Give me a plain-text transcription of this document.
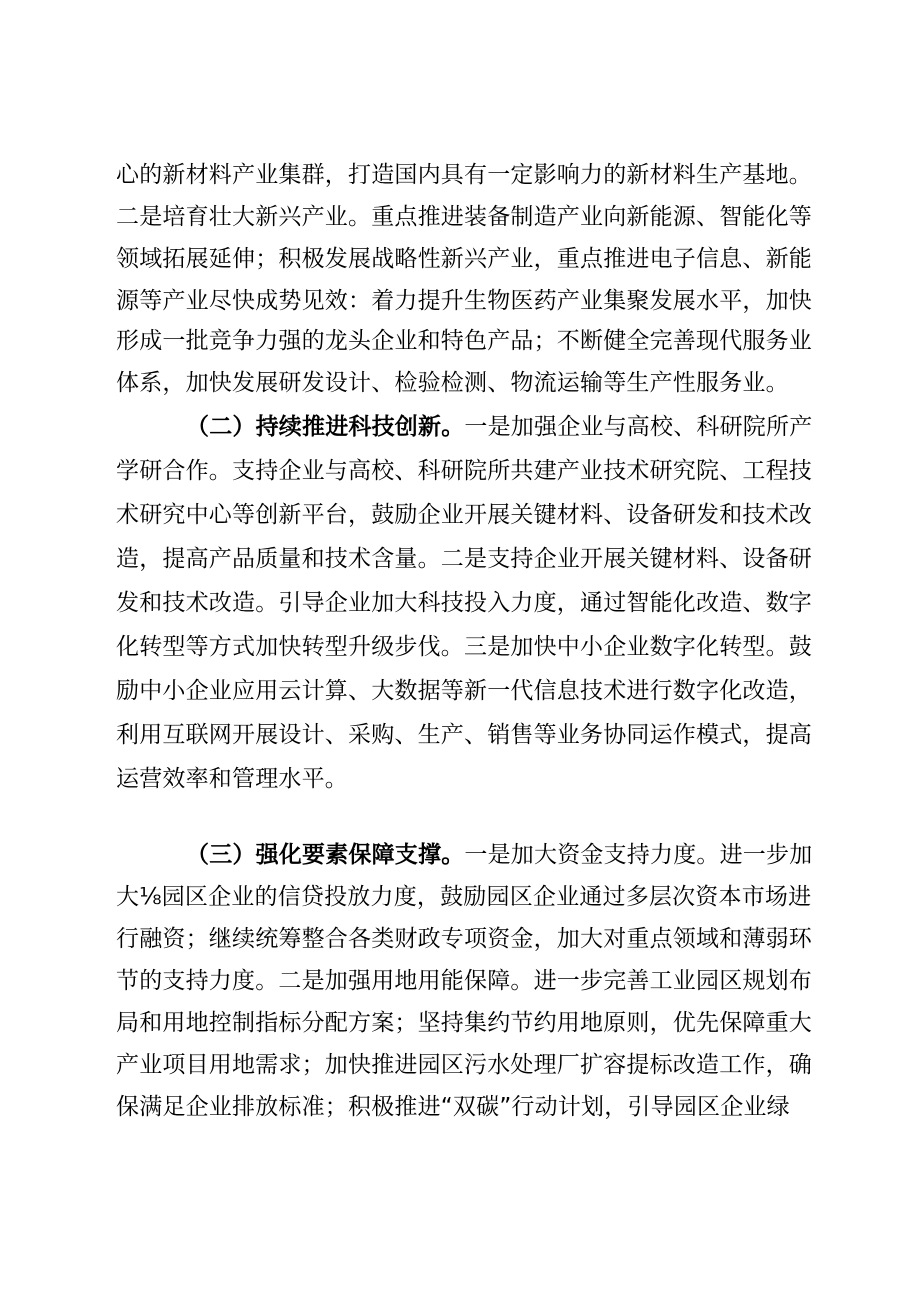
心的新材料产业集群，打造国内具有一定影响力的新材料生产基地。
二是培育壮大新兴产业。重点推进装备制造产业向新能源、智能化等
领域拓展延伸；积极发展战略性新兴产业，重点推进电子信息、新能
源等产业尽快成势见效：着力提升生物医药产业集聚发展水平，加快
形成一批竞争力强的龙头企业和特色产品；不断健全完善现代服务业
体系，加快发展研发设计、检验检测、物流运输等生产性服务业。
（二）持续推进科技创新。一是加强企业与高校、科研院所产
学研合作。支持企业与高校、科研院所共建产业技术研究院、工程技
术研究中心等创新平台，鼓励企业开展关键材料、设备研发和技术改
造，提高产品质量和技术含量。二是支持企业开展关键材料、设备研
发和技术改造。引导企业加大科技投入力度，通过智能化改造、数字
化转型等方式加快转型升级步伐。三是加快中小企业数字化转型。鼓
励中小企业应用云计算、大数据等新一代信息技术进行数字化改造，
利用互联网开展设计、采购、生产、销售等业务协同运作模式，提高
运营效率和管理水平。
（三）强化要素保障支撑。一是加大资金支持力度。进一步加
大⅛园区企业的信贷投放力度，鼓励园区企业通过多层次资本市场进
行融资；继续统筹整合各类财政专项资金，加大对重点领域和薄弱环
节的支持力度。二是加强用地用能保障。进一步完善工业园区规划布
局和用地控制指标分配方案；坚持集约节约用地原则，优先保障重大
产业项目用地需求；加快推进园区污水处理厂扩容提标改造工作，确
保满足企业排放标准；积极推进“双碳”行动计划，引导园区企业绿
